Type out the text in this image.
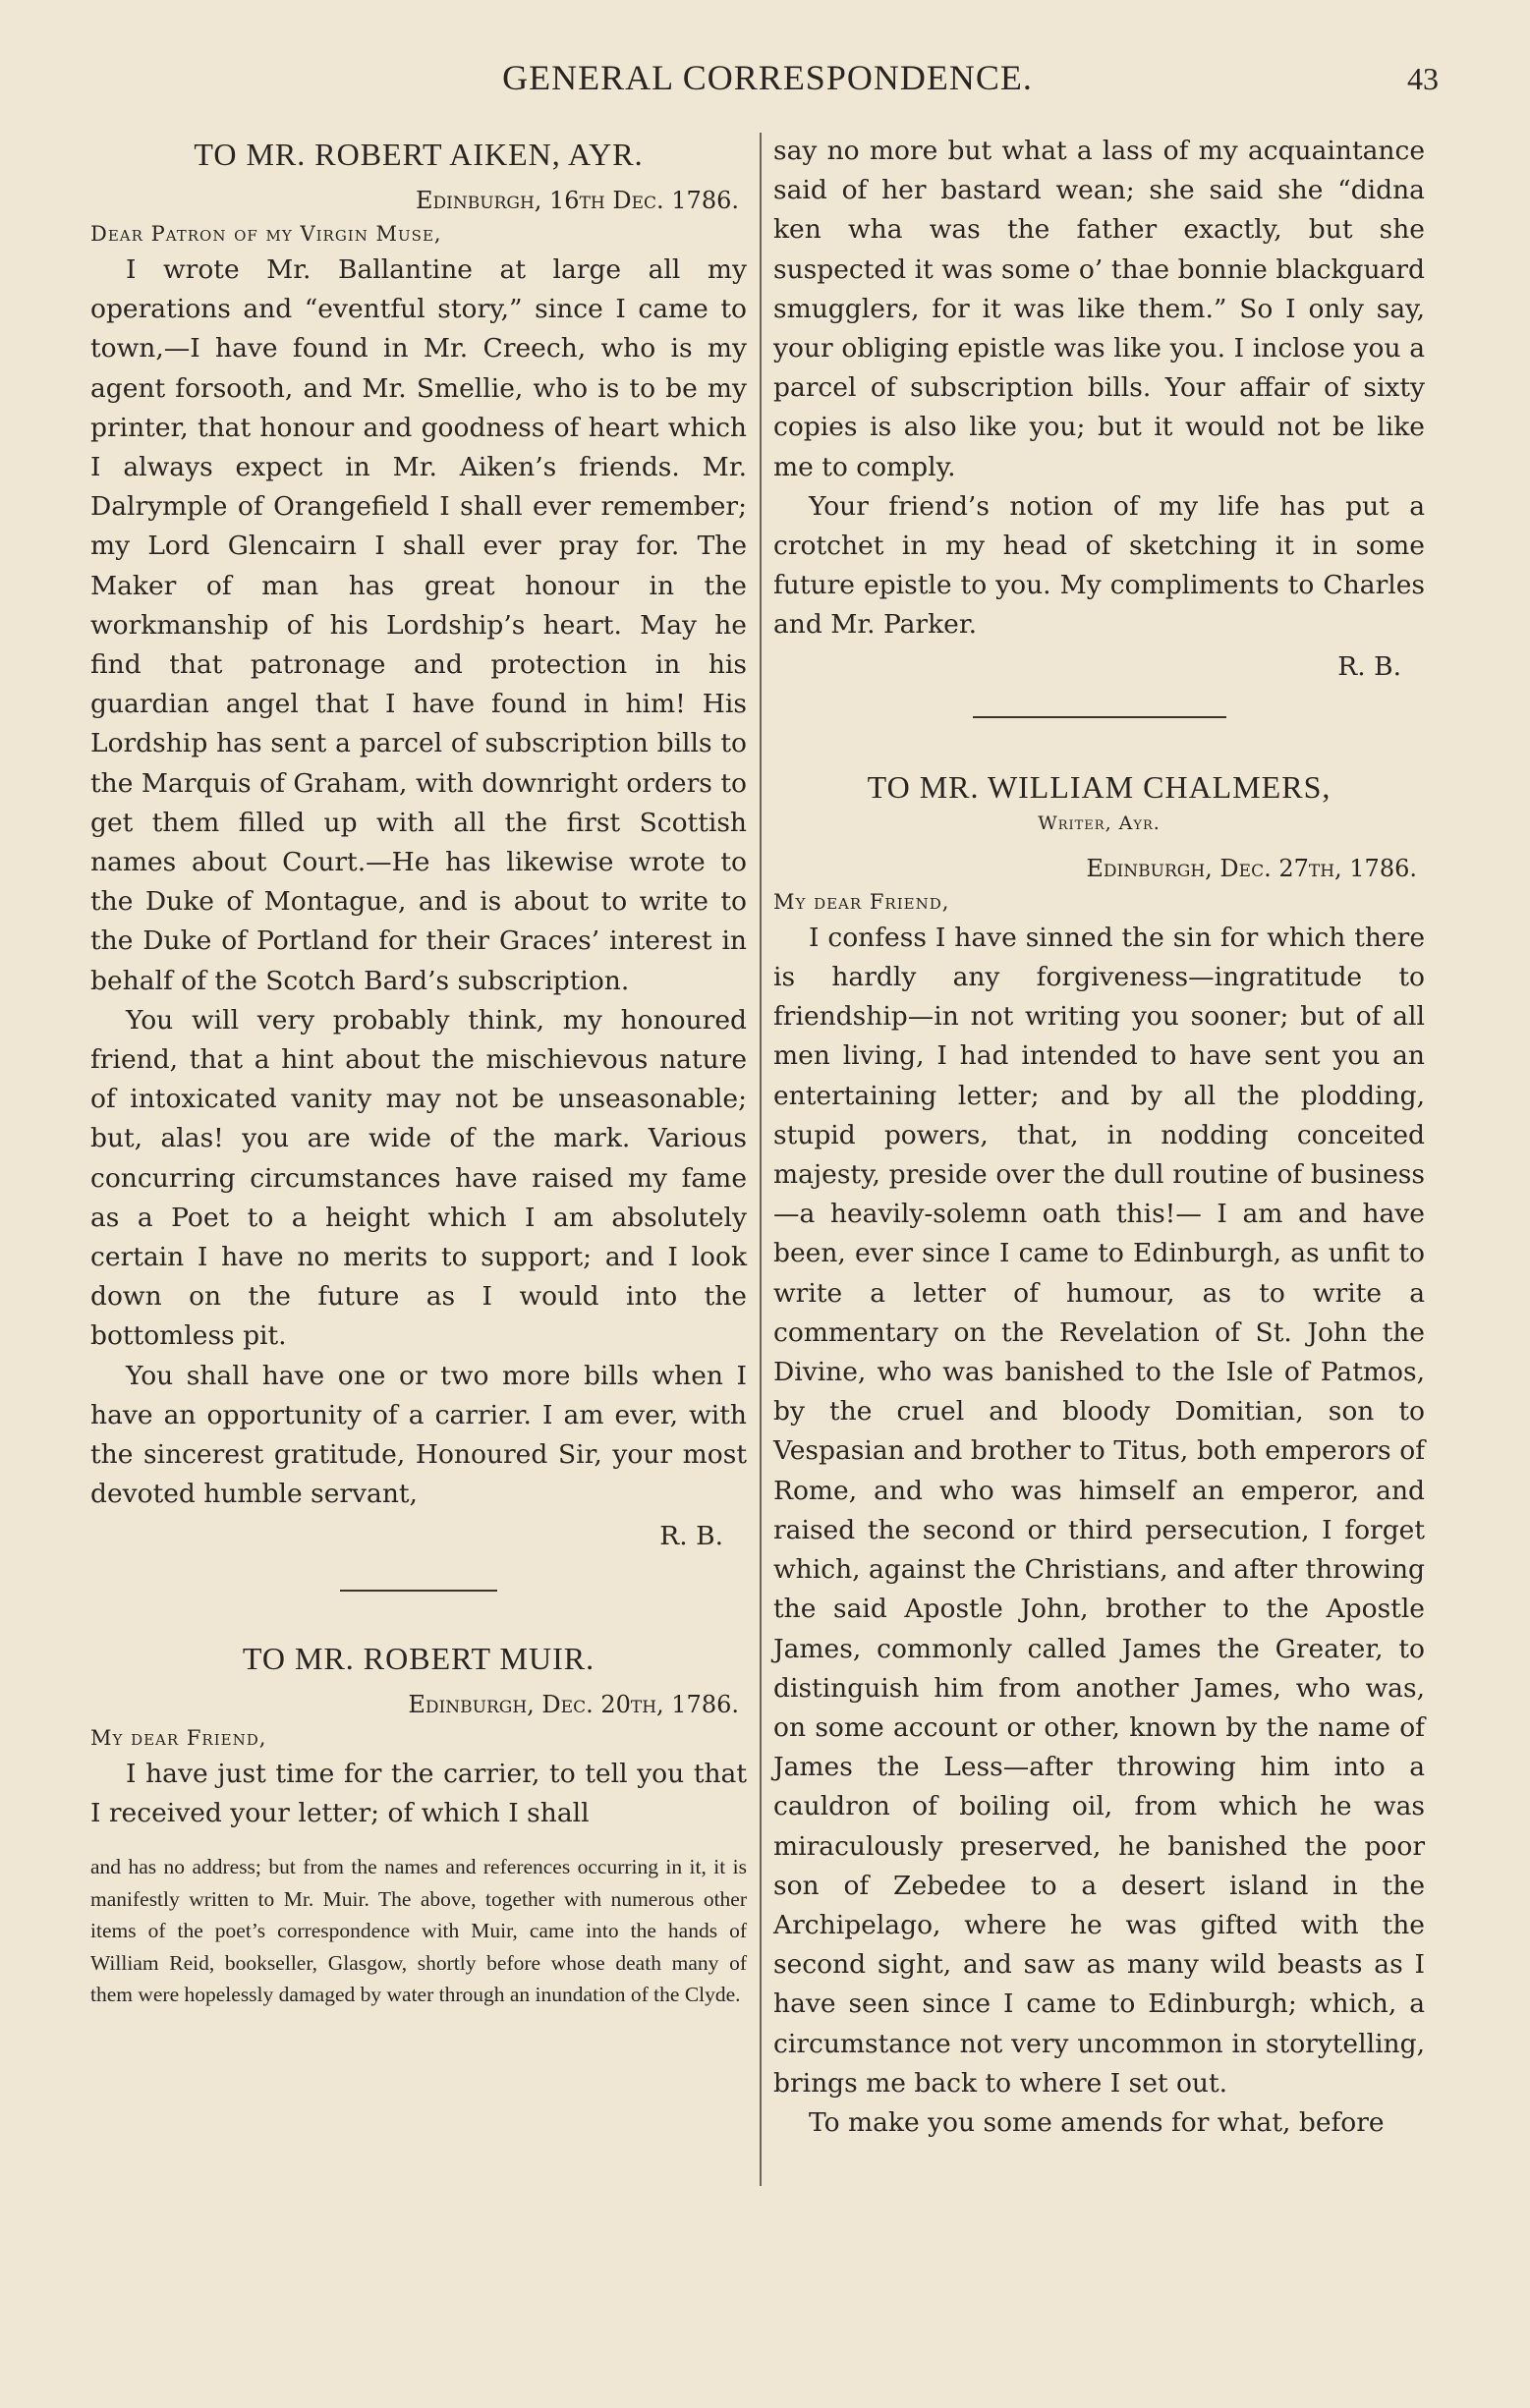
GENERAL CORRESPONDENCE.	43
TO MR. ROBERT AIKEN, AYR.
Edinburgh, 16th Dec. 1786.
Dear Patron of my Virgin Muse,

I wrote Mr. Ballantine at large all my operations and “eventful story,” since I came to town,—I have found in Mr. Creech, who is my agent forsooth, and Mr. Smellie, who is to be my printer, that honour and goodness of heart which I always expect in Mr. Aiken’s friends. Mr. Dalrymple of Orangefield I shall ever remember; my Lord Glencairn I shall ever pray for. The Maker of man has great honour in the workmanship of his Lordship’s heart. May he find that patronage and protection in his guardian angel that I have found in him! His Lordship has sent a parcel of subscription bills to the Marquis of Graham, with downright orders to get them filled up with all the first Scottish names about Court.—He has likewise wrote to the Duke of Montague, and is about to write to the Duke of Portland for their Graces’ interest in behalf of the Scotch Bard’s subscription.

You will very probably think, my honoured friend, that a hint about the mischievous nature of intoxicated vanity may not be unseasonable; but, alas! you are wide of the mark. Various concurring circumstances have raised my fame as a Poet to a height which I am absolutely certain I have no merits to support; and I look down on the future as I would into the bottomless pit.

You shall have one or two more bills when I have an opportunity of a carrier. I am ever, with the sincerest gratitude, Honoured Sir, your most devoted humble servant,

R. B.
TO MR. ROBERT MUIR.
Edinburgh, Dec. 20th, 1786.
My dear Friend,

I have just time for the carrier, to tell you that I received your letter; of which I shall

and has no address; but from the names and references occurring in it, it is manifestly written to Mr. Muir. The above, together with numerous other items of the poet’s correspondence with Muir, came into the hands of William Reid, bookseller, Glasgow, shortly before whose death many of them were hopelessly damaged by water through an inundation of the Clyde.

say no more but what a lass of my acquaintance said of her bastard wean; she said she “didna ken wha was the father exactly, but she suspected it was some o’ thae bonnie blackguard smugglers, for it was like them.” So I only say, your obliging epistle was like you. I inclose you a parcel of subscription bills. Your affair of sixty copies is also like you; but it would not be like me to comply.

Your friend’s notion of my life has put a crotchet in my head of sketching it in some future epistle to you. My compliments to Charles and Mr. Parker.

R. B.
TO MR. WILLIAM CHALMERS,
Writer, Ayr.
Edinburgh, Dec. 27th, 1786.
My dear Friend,

I confess I have sinned the sin for which there is hardly any forgiveness—ingratitude to friendship—in not writing you sooner; but of all men living, I had intended to have sent you an entertaining letter; and by all the plodding, stupid powers, that, in nodding conceited majesty, preside over the dull routine of business—a heavily-solemn oath this!— I am and have been, ever since I came to Edinburgh, as unfit to write a letter of humour, as to write a commentary on the Revelation of St. John the Divine, who was banished to the Isle of Patmos, by the cruel and bloody Domitian, son to Vespasian and brother to Titus, both emperors of Rome, and who was himself an emperor, and raised the second or third persecution, I forget which, against the Christians, and after throwing the said Apostle John, brother to the Apostle James, commonly called James the Greater, to distinguish him from another James, who was, on some account or other, known by the name of James the Less—after throwing him into a cauldron of boiling oil, from which he was miraculously preserved, he banished the poor son of Zebedee to a desert island in the Archipelago, where he was gifted with the second sight, and saw as many wild beasts as I have seen since I came to Edinburgh; which, a circumstance not very uncommon in storytelling, brings me back to where I set out.

To make you some amends for what, before
